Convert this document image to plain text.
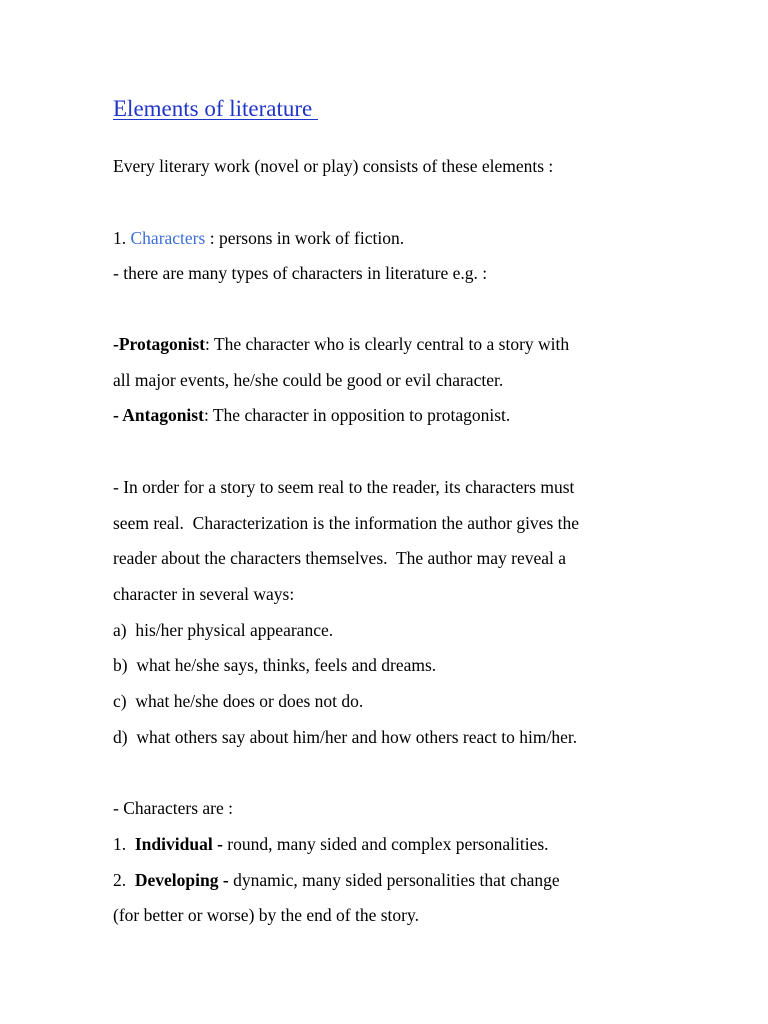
Elements of literature

Every literary work (novel or play) consists of these elements :

1. Characters : persons in work of fiction.

- there are many types of characters in literature e.g. :

-Protagonist: The character who is clearly central to a story with

all major events, he/she could be good or evil character.

- Antagonist: The character in opposition to protagonist.

- In order for a story to seem real to the reader, its characters must

seem real.  Characterization is the information the author gives the

reader about the characters themselves.  The author may reveal a

character in several ways:

a)  his/her physical appearance.

b)  what he/she says, thinks, feels and dreams.

c)  what he/she does or does not do.

d)  what others say about him/her and how others react to him/her.

- Characters are :

1.  Individual - round, many sided and complex personalities.

2.  Developing - dynamic, many sided personalities that change

(for better or worse) by the end of the story.
